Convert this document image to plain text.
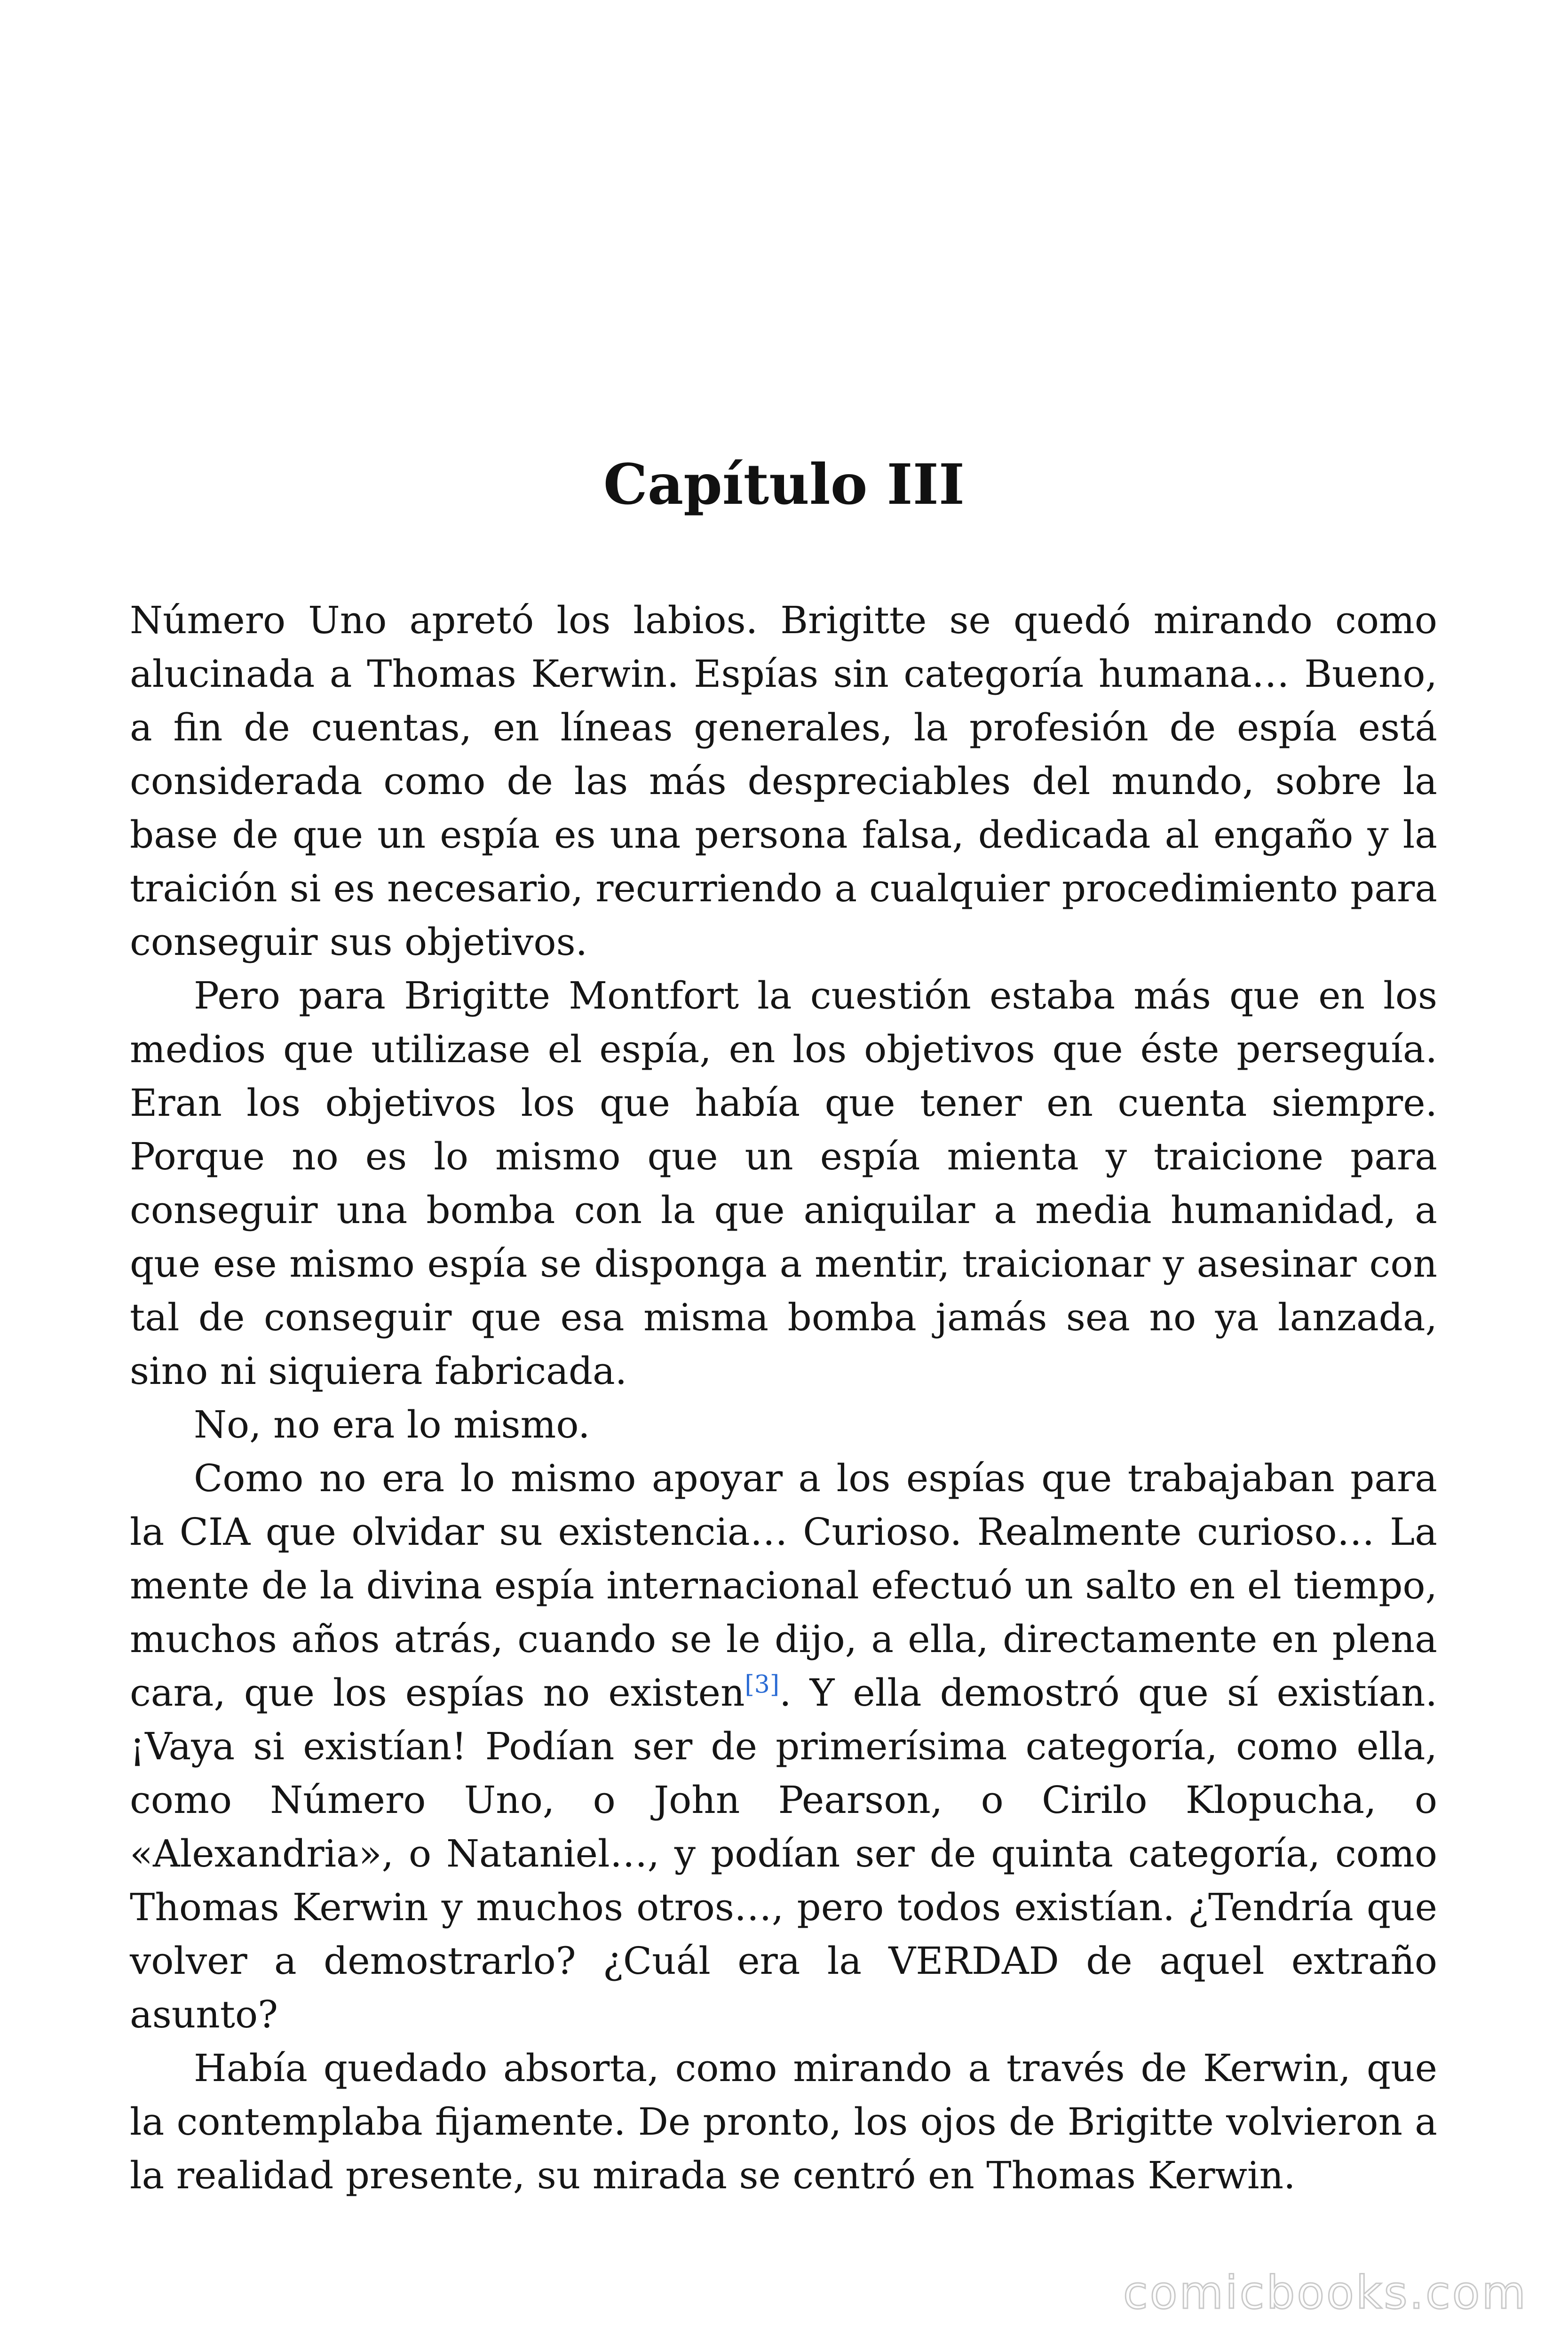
Capítulo III

Número Uno apretó los labios. Brigitte se quedó mirando como alucinada a Thomas Kerwin. Espías sin categoría humana… Bueno, a fin de cuentas, en líneas generales, la profesión de espía está considerada como de las más despreciables del mundo, sobre la base de que un espía es una persona falsa, dedicada al engaño y la traición si es necesario, recurriendo a cualquier procedimiento para conseguir sus objetivos.

Pero para Brigitte Montfort la cuestión estaba más que en los medios que utilizase el espía, en los objetivos que éste perseguía. Eran los objetivos los que había que tener en cuenta siempre. Porque no es lo mismo que un espía mienta y traicione para conseguir una bomba con la que aniquilar a media humanidad, a que ese mismo espía se disponga a mentir, traicionar y asesinar con tal de conseguir que esa misma bomba jamás sea no ya lanzada, sino ni siquiera fabricada.

No, no era lo mismo.

Como no era lo mismo apoyar a los espías que trabajaban para la CIA que olvidar su existencia… Curioso. Realmente curioso… La mente de la divina espía internacional efectuó un salto en el tiempo, muchos años atrás, cuando se le dijo, a ella, directamente en plena cara, que los espías no existen[3]. Y ella demostró que sí existían. ¡Vaya si existían! Podían ser de primerísima categoría, como ella, como Número Uno, o John Pearson, o Cirilo Klopucha, o «Alexandria», o Nataniel…, y podían ser de quinta categoría, como Thomas Kerwin y muchos otros…, pero todos existían. ¿Tendría que volver a demostrarlo? ¿Cuál era la VERDAD de aquel extraño asunto?

Había quedado absorta, como mirando a través de Kerwin, que la contemplaba fijamente. De pronto, los ojos de Brigitte volvieron a la realidad presente, su mirada se centró en Thomas Kerwin.

comicbooks.com
